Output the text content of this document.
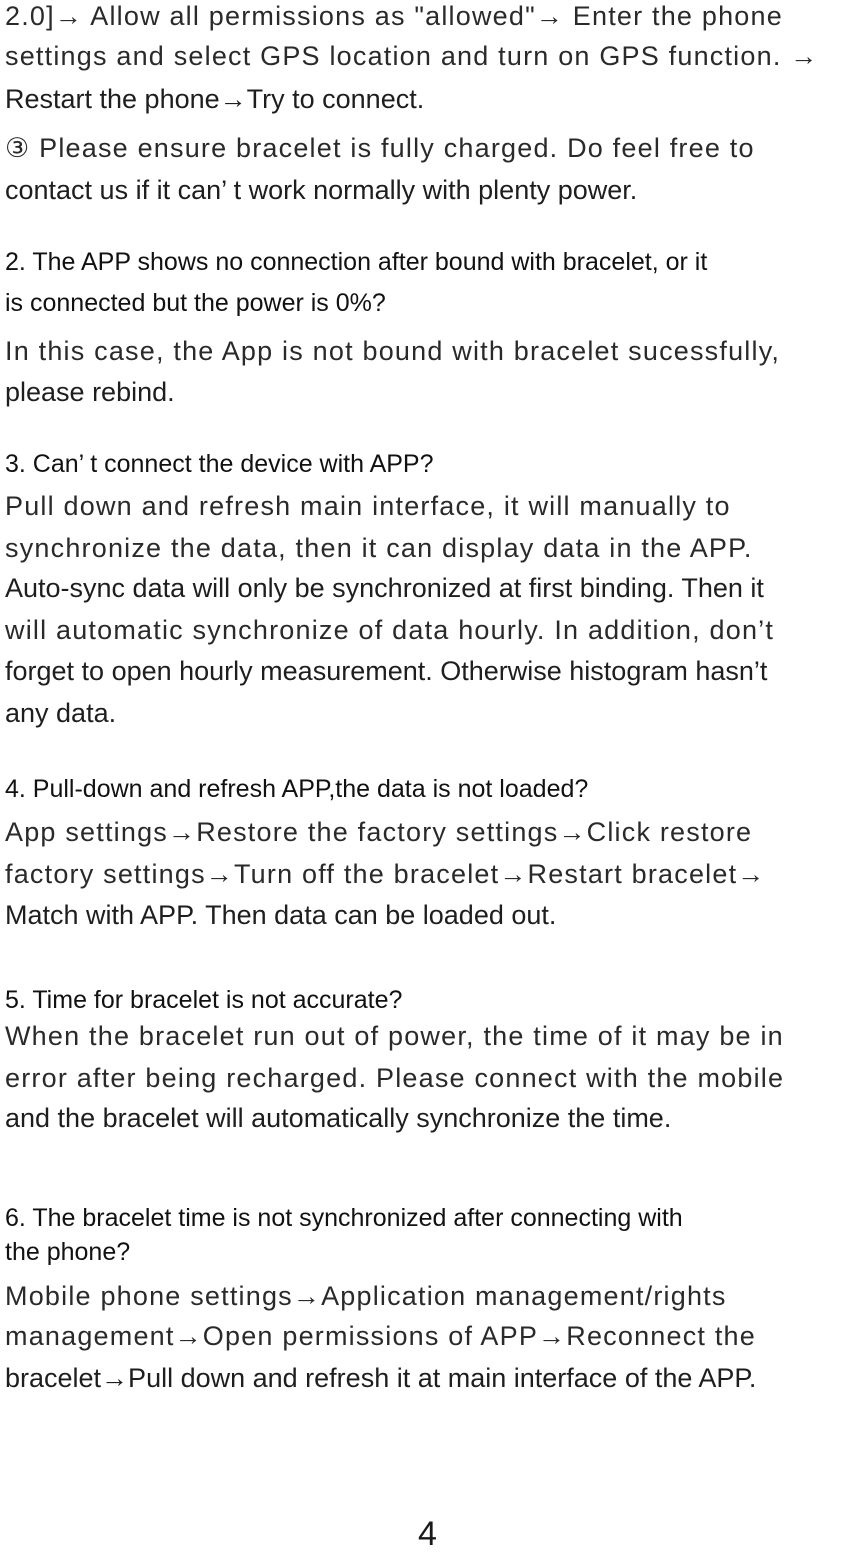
2.0]→ Allow all permissions as "allowed"→ Enter the phone
settings and select GPS location and turn on GPS function. →
Restart the phone→Try to connect.
③ Please ensure bracelet is fully charged. Do feel free to
contact us if it can’ t work normally with plenty power.
2. The APP shows no connection after bound with bracelet, or it
is connected but the power is 0%?
In this case, the App is not bound with bracelet sucessfully,
please rebind.
3. Can’ t connect the device with APP?
Pull down and refresh main interface, it will manually to
synchronize the data, then it can display data in the APP.
Auto-sync data will only be synchronized at first binding. Then it
will automatic synchronize of data hourly. In addition, don’t
forget to open hourly measurement. Otherwise histogram hasn’t
any data.
4. Pull-down and refresh APP,the data is not loaded?
App settings→Restore the factory settings→Click restore
factory settings→Turn off the bracelet→Restart bracelet→
Match with APP. Then data can be loaded out.
5. Time for bracelet is not accurate?
When the bracelet run out of power, the time of it may be in
error after being recharged. Please connect with the mobile
and the bracelet will automatically synchronize the time.
6. The bracelet time is not synchronized after connecting with
the phone?
Mobile phone settings→Application management/rights
management→Open permissions of APP→Reconnect the
bracelet→Pull down and refresh it at main interface of the APP.
4
